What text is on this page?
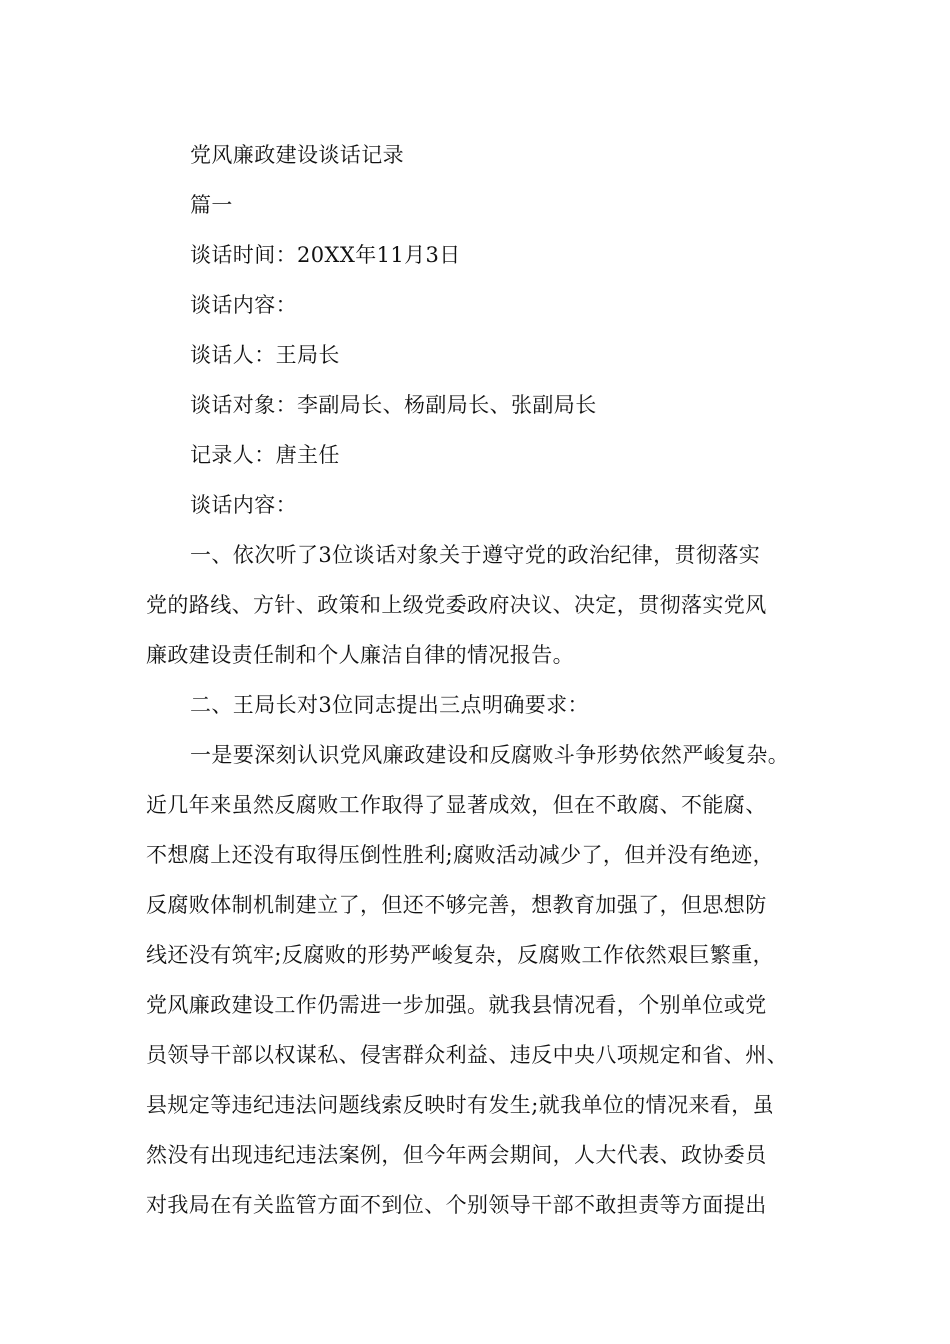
党风廉政建设谈话记录
篇一
谈话时间：20XX年11月3日
谈话内容：
谈话人：王局长
谈话对象：李副局长、杨副局长、张副局长
记录人：唐主任
谈话内容：
一、依次听了3位谈话对象关于遵守党的政治纪律，贯彻落实
党的路线、方针、政策和上级党委政府决议、决定，贯彻落实党风
廉政建设责任制和个人廉洁自律的情况报告。
二、王局长对3位同志提出三点明确要求：
一是要深刻认识党风廉政建设和反腐败斗争形势依然严峻复杂。
近几年来虽然反腐败工作取得了显著成效，但在不敢腐、不能腐、
不想腐上还没有取得压倒性胜利;腐败活动减少了，但并没有绝迹，
反腐败体制机制建立了，但还不够完善，想教育加强了，但思想防
线还没有筑牢;反腐败的形势严峻复杂，反腐败工作依然艰巨繁重，
党风廉政建设工作仍需进一步加强。就我县情况看，个别单位或党
员领导干部以权谋私、侵害群众利益、违反中央八项规定和省、州、
县规定等违纪违法问题线索反映时有发生;就我单位的情况来看，虽
然没有出现违纪违法案例，但今年两会期间，人大代表、政协委员
对我局在有关监管方面不到位、个别领导干部不敢担责等方面提出
